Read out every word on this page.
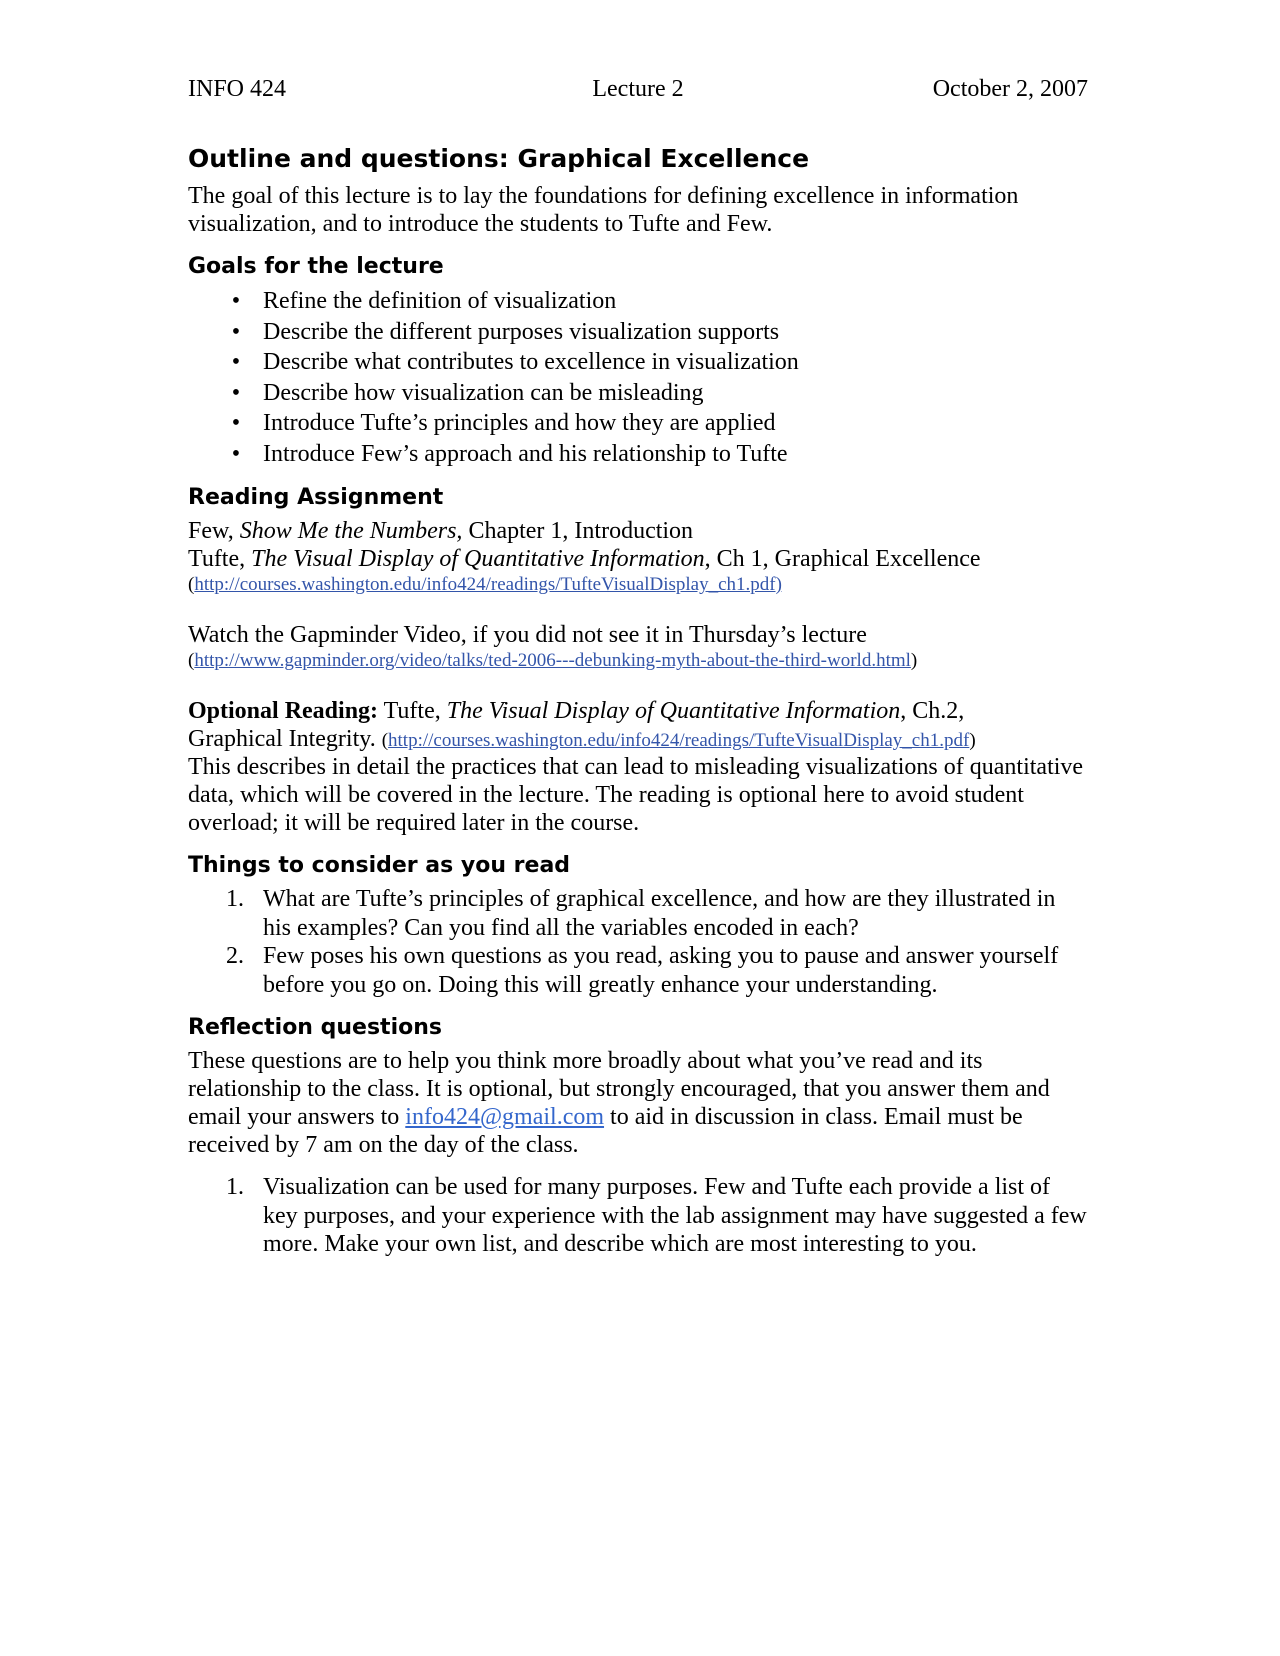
INFO 424	Lecture 2	October 2, 2007
Outline and questions: Graphical Excellence

The goal of this lecture is to lay the foundations for defining excellence in information visualization, and to introduce the students to Tufte and Few.

Goals for the lecture
• Refine the definition of visualization
• Describe the different purposes visualization supports
• Describe what contributes to excellence in visualization
• Describe how visualization can be misleading
• Introduce Tufte’s principles and how they are applied
• Introduce Few’s approach and his relationship to Tufte
Reading Assignment

Few, Show Me the Numbers, Chapter 1, Introduction

Tufte, The Visual Display of Quantitative Information, Ch 1, Graphical Excellence

(http://courses.washington.edu/info424/readings/TufteVisualDisplay_ch1.pdf)

Watch the Gapminder Video, if you did not see it in Thursday’s lecture

(http://www.gapminder.org/video/talks/ted-2006---debunking-myth-about-the-third-world.html)

Optional Reading: Tufte, The Visual Display of Quantitative Information, Ch.2,

Graphical Integrity. (http://courses.washington.edu/info424/readings/TufteVisualDisplay_ch1.pdf)

This describes in detail the practices that can lead to misleading visualizations of quantitative data, which will be covered in the lecture. The reading is optional here to avoid student overload; it will be required later in the course.

Things to consider as you read
1. What are Tufte’s principles of graphical excellence, and how are they illustrated in his examples? Can you find all the variables encoded in each?
2. Few poses his own questions as you read, asking you to pause and answer yourself before you go on. Doing this will greatly enhance your understanding.
Reflection questions

These questions are to help you think more broadly about what you’ve read and its relationship to the class. It is optional, but strongly encouraged, that you answer them and email your answers to info424@gmail.com to aid in discussion in class. Email must be received by 7 am on the day of the class.

1. Visualization can be used for many purposes. Few and Tufte each provide a list of key purposes, and your experience with the lab assignment may have suggested a few more. Make your own list, and describe which are most interesting to you.
